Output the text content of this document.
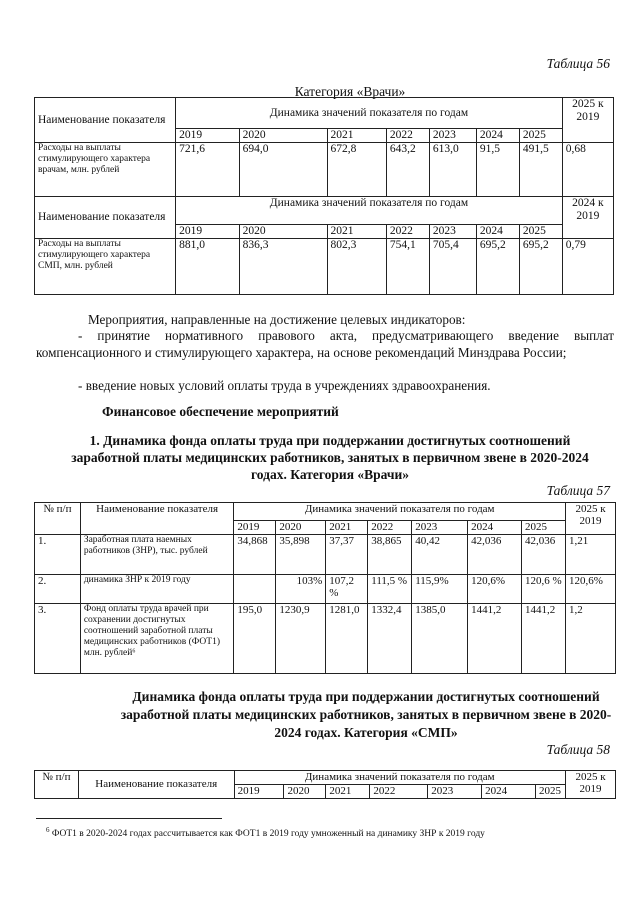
Таблица 56
Категория «Врачи»
Наименование показателя	Динамика значений показателя по годам							2025 к 2019
	2019	2020	2021	2022	2023	2024	2025	
Расходы на выплаты стимулирующего характера врачам, млн. рублей	721,6	694,0	672,8	643,2	613,0	91,5	491,5	0,68
Наименование показателя	Динамика значений показателя по годам							2024 к 2019
	2019	2020	2021	2022	2023	2024	2025	
Расходы на выплаты стимулирующего характера СМП, млн. рублей	881,0	836,3	802,3	754,1	705,4	695,2	695,2	0,79
Мероприятия, направленные на достижение целевых индикаторов:
- принятие нормативного правового акта, предусматривающего введение выплат компенсационного и стимулирующего характера, на основе рекомендаций Минздрава России;
- введение новых условий оплаты труда в учреждениях здравоохранения.
Финансовое обеспечение мероприятий
1. Динамика фонда оплаты труда при поддержании достигнутых соотношений заработной платы медицинских работников, занятых в первичном звене в 2020-2024 годах. Категория «Врачи»
Таблица 57
№ п/п	Наименование показателя	Динамика значений показателя по годам							2025 к 2019
		2019	2020	2021	2022	2023	2024	2025	
1.	Заработная плата наемных работников (ЗНР), тыс. рублей	34,868	35,898	37,37	38,865	40,42	42,036	42,036	1,21
2.	динамика ЗНР к 2019 году		103%	107,2 %	111,5 %	115,9%	120,6%	120,6 %	120,6%
3.	Фонд оплаты труда врачей при сохранении достигнутых соотношений заработной платы медицинских работников (ФОТ1) млн. рублей⁶	195,0	1230,9	1281,0	1332,4	1385,0	1441,2	1441,2	1,2
Динамика фонда оплаты труда при поддержании достигнутых соотношений заработной платы медицинских работников, занятых в первичном звене в 2020-2024 годах. Категория «СМП»
Таблица 58
№ п/п	Наименование показателя	Динамика значений показателя по годам							2025 к 2019
		2019	2020	2021	2022	2023	2024	2025	
$^6$ ФОТ1 в 2020-2024 годах рассчитывается как ФОТ1 в 2019 году умноженный на динамику ЗНР к 2019 году
